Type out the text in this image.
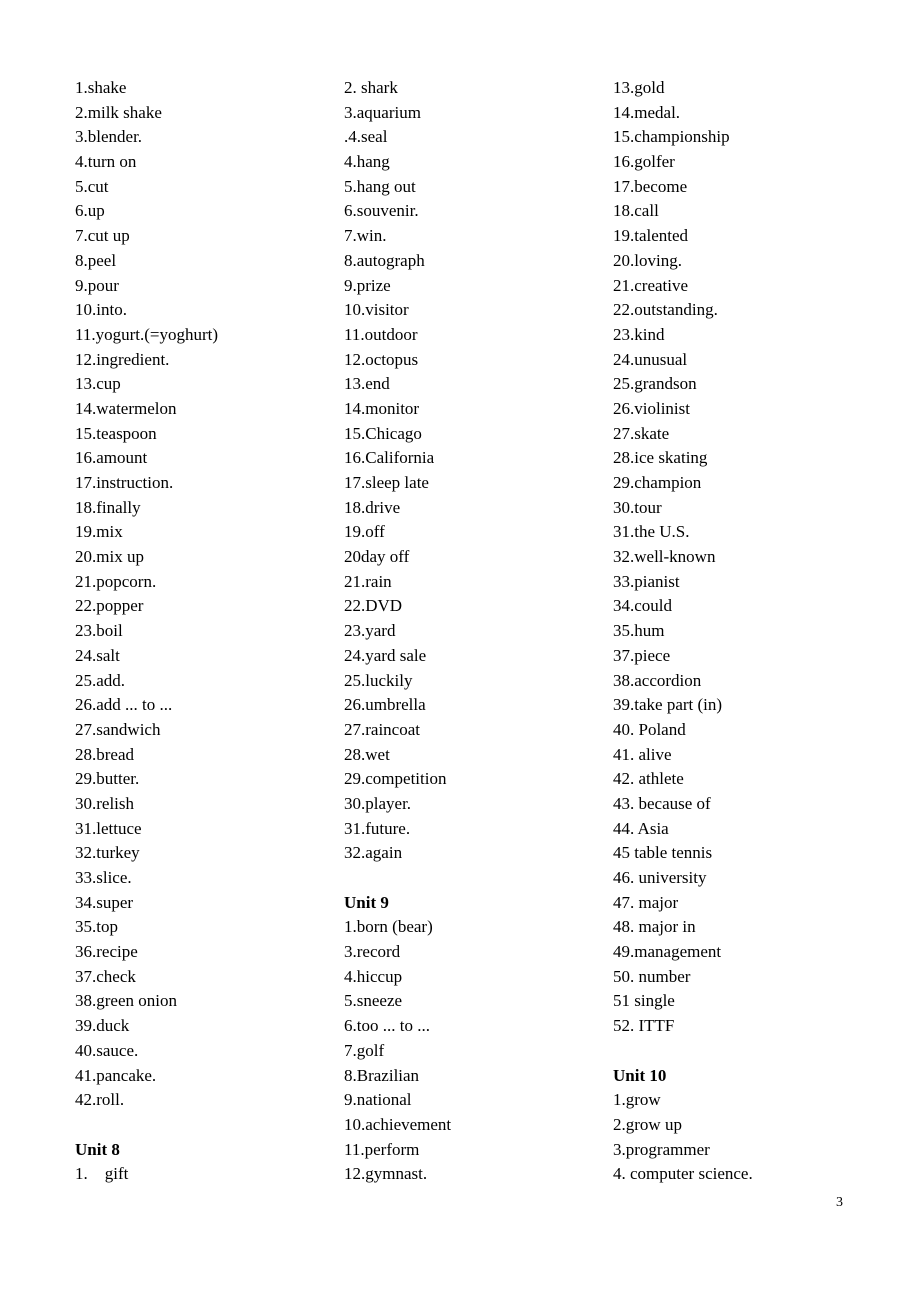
1.shake
2.milk shake
3.blender.
4.turn on
5.cut
6.up
7.cut up
8.peel
9.pour
10.into.
11.yogurt.(=yoghurt)
12.ingredient.
13.cup
14.watermelon
15.teaspoon
16.amount
17.instruction.
18.finally
19.mix
20.mix up
21.popcorn.
22.popper
23.boil
24.salt
25.add.
26.add ... to ...
27.sandwich
28.bread
29.butter.
30.relish
31.lettuce
32.turkey
33.slice.
34.super
35.top
36.recipe
37.check
38.green onion
39.duck
40.sauce.
41.pancake.
42.roll.
Unit 8
1.    gift
2. shark
3.aquarium
.4.seal
4.hang
5.hang out
6.souvenir.
7.win.
8.autograph
9.prize
10.visitor
11.outdoor
12.octopus
13.end
14.monitor
15.Chicago
16.California
17.sleep late
18.drive
19.off
20day off
21.rain
22.DVD
23.yard
24.yard sale
25.luckily
26.umbrella
27.raincoat
28.wet
29.competition
30.player.
31.future.
32.again
Unit 9
1.born (bear)
3.record
4.hiccup
5.sneeze
6.too ... to ...
7.golf
8.Brazilian
9.national
10.achievement
11.perform
12.gymnast.
13.gold
14.medal.
15.championship
16.golfer
17.become
18.call
19.talented
20.loving.
21.creative
22.outstanding.
23.kind
24.unusual
25.grandson
26.violinist
27.skate
28.ice skating
29.champion
30.tour
31.the U.S.
32.well-known
33.pianist
34.could
35.hum
37.piece
38.accordion
39.take part (in)
40. Poland
41. alive
42. athlete
43. because of
44. Asia
45 table tennis
46. university
47. major
48. major in
49.management
50. number
51 single
52. ITTF
Unit 10
1.grow
2.grow up
3.programmer
4. computer science.
3
